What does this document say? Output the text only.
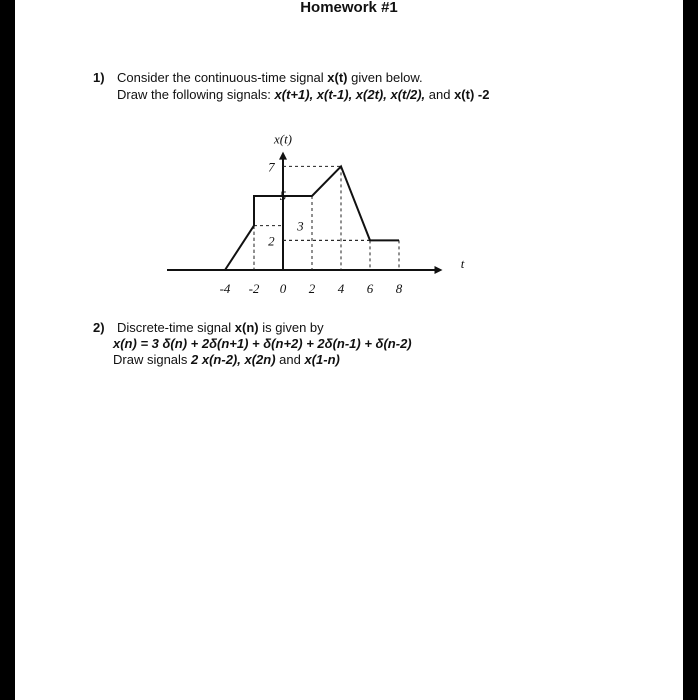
Homework #1
1) Consider the continuous-time signal x(t) given below.
Draw the following signals: x(t+1), x(t-1), x(2t), x(t/2), and x(t) -2
-4 -2 0 2 4 6 8
2
3
5
7
x(t)
t
2) Discrete-time signal x(n) is given by
x(n) = 3 δ(n) + 2δ(n+1) + δ(n+2) + 2δ(n-1) + δ(n-2)
Draw signals 2 x(n-2), x(2n) and x(1-n)
